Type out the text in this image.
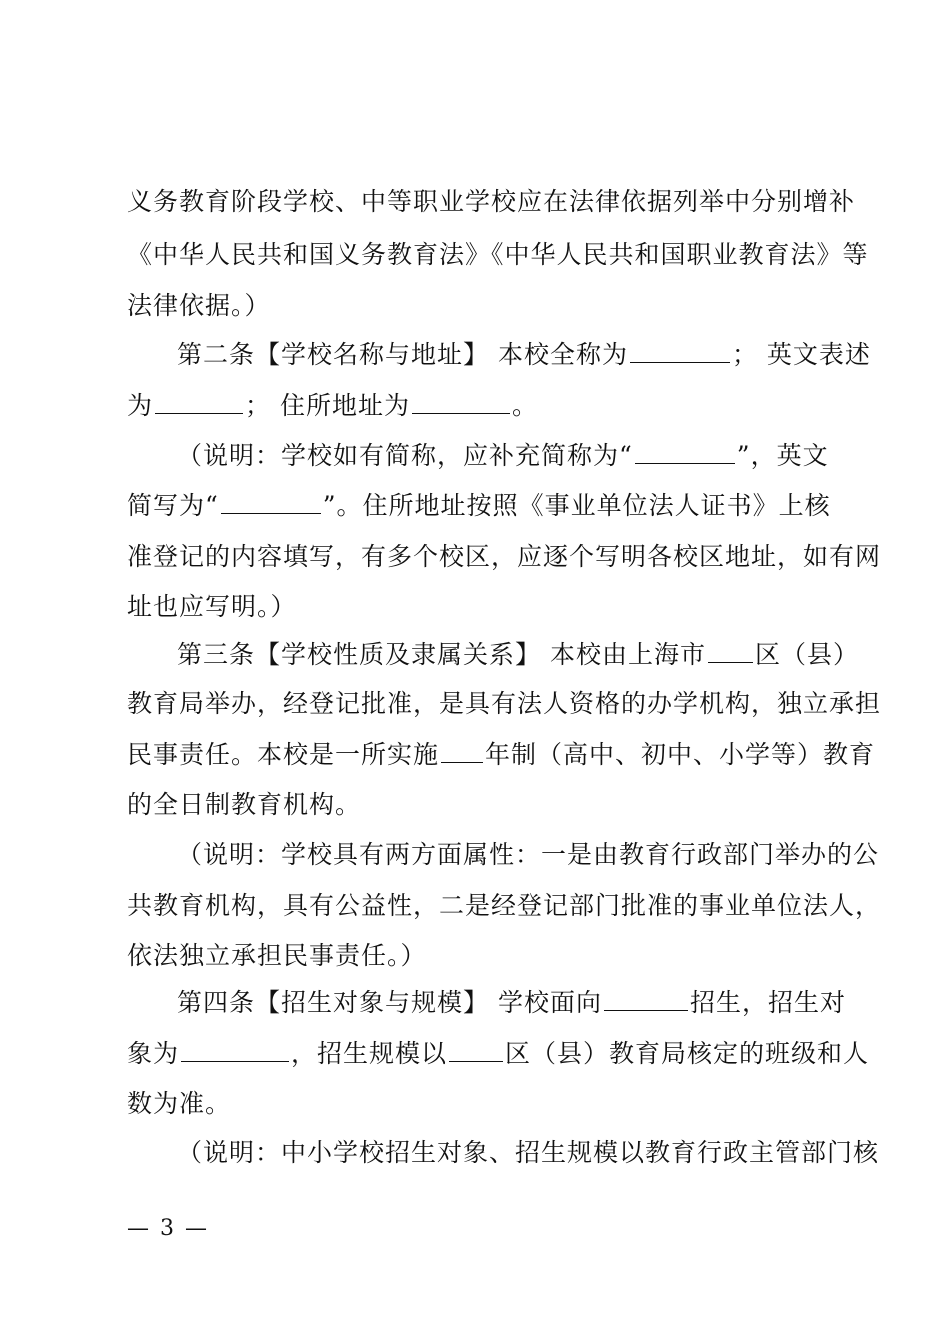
义务教育阶段学校、中等职业学校应在法律依据列举中分别增补
《中华人民共和国义务教育法》《中华人民共和国职业教育法》等
法律依据。）
第二条【学校名称与地址】 本校全称为	； 英文表述
为	； 住所地址为	。
（说明：学校如有简称，应补充简称为“	”，英文
简写为“	”。住所地址按照《事业单位法人证书》上核
准登记的内容填写，有多个校区，应逐个写明各校区地址，如有网
址也应写明。）
第三条【学校性质及隶属关系】 本校由上海市 区（县）
教育局举办，经登记批准，是具有法人资格的办学机构，独立承担
民事责任。本校是一所实施 年制（高中、初中、小学等）教育
的全日制教育机构。
（说明：学校具有两方面属性：一是由教育行政部门举办的公
共教育机构，具有公益性，二是经登记部门批准的事业单位法人，
依法独立承担民事责任。）
第四条【招生对象与规模】 学校面向	招生，招生对
象为	，招生规模以 区（县）教育局核定的班级和人
数为准。
（说明：中小学校招生对象、招生规模以教育行政主管部门核
— 3 —
